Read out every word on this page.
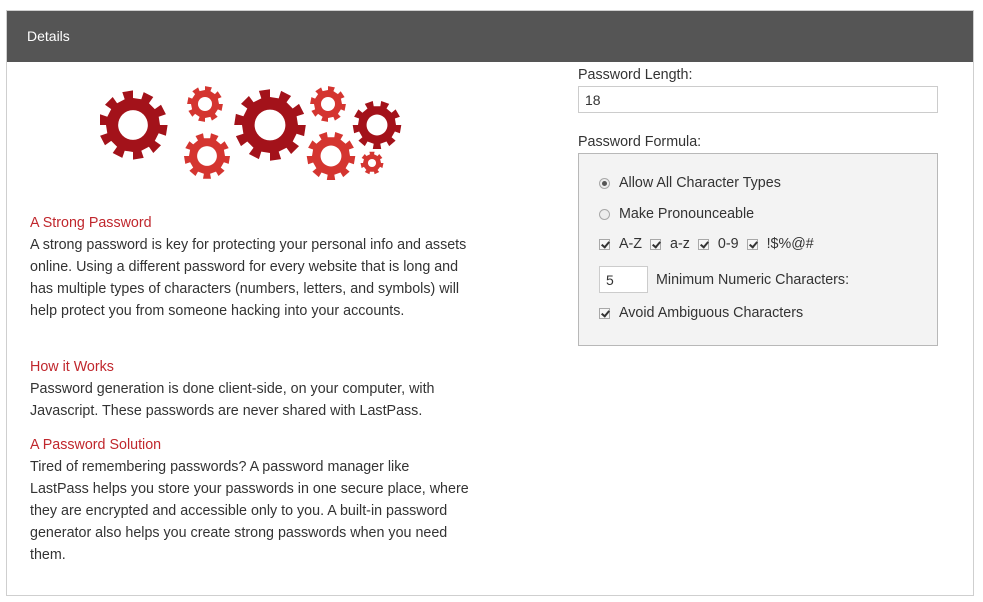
Details
A Strong Password

A strong password is key for protecting your personal info and assets online. Using a different password for every website that is long and has multiple types of characters (numbers, letters, and symbols) will help protect you from someone hacking into your accounts.

How it Works

Password generation is done client-side, on your computer, with Javascript. These passwords are never shared with LastPass.

A Password Solution

Tired of remembering passwords? A password manager like LastPass helps you store your passwords in one secure place, where they are encrypted and accessible only to you. A built-in password generator also helps you create strong passwords when you need them.

Password Length:
18
Password Formula:
Allow All Character Types
Make Pronounceable
A-Z a-z 0-9 !$%@#
5
Minimum Numeric Characters:
Avoid Ambiguous Characters
